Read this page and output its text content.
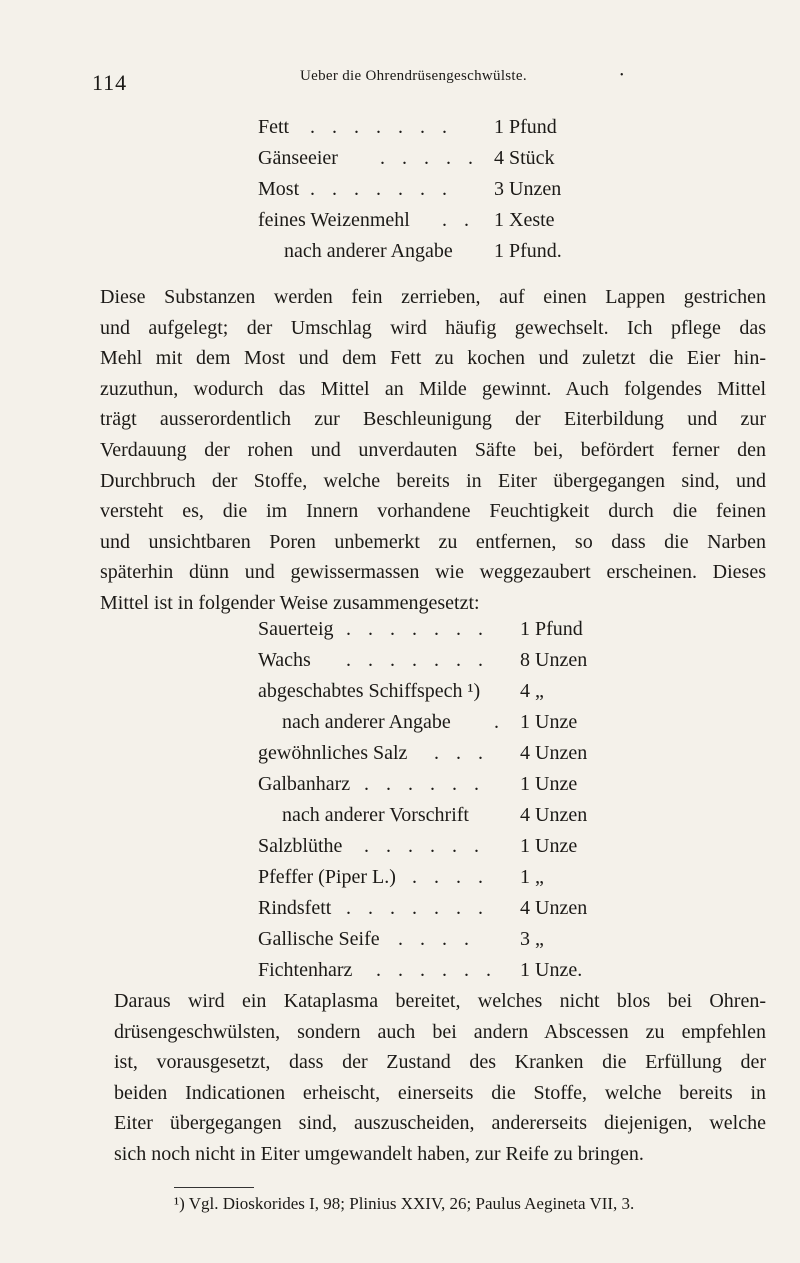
114	Ueber die Ohrendrüsengeschwülste.	•
Fett . . . . . . . 1 Pfund
Gänseeier . . . . . 4 Stück
Most . . . . . . . 3 Unzen
feines Weizenmehl . . 1 Xeste
nach anderer Angabe 1 Pfund.
Diese Substanzen werden fein zerrieben, auf einen Lappen gestrichen
und aufgelegt; der Umschlag wird häufig gewechselt. Ich pflege das
Mehl mit dem Most und dem Fett zu kochen und zuletzt die Eier hin-
zuzuthun, wodurch das Mittel an Milde gewinnt. Auch folgendes Mittel
trägt ausserordentlich zur Beschleunigung der Eiterbildung und zur
Verdauung der rohen und unverdauten Säfte bei, befördert ferner den
Durchbruch der Stoffe, welche bereits in Eiter übergegangen sind, und
versteht es, die im Innern vorhandene Feuchtigkeit durch die feinen
und unsichtbaren Poren unbemerkt zu entfernen, so dass die Narben
späterhin dünn und gewissermassen wie weggezaubert erscheinen. Dieses
Mittel ist in folgender Weise zusammengesetzt:
Sauerteig . . . . . . . 1 Pfund
Wachs . . . . . . . 8 Unzen
abgeschabtes Schiffspech ¹) 4 „
nach anderer Angabe . 1 Unze
gewöhnliches Salz . . . 4 Unzen
Galbanharz . . . . . . 1 Unze
nach anderer Vorschrift	4 Unzen
Salzblüthe . . . . . . 1 Unze
Pfeffer (Piper L.) . . . . 1 „
Rindsfett . . . . . . . 4 Unzen
Gallische Seife . . . . 3 „
Fichtenharz . . . . . . 1 Unze.
Daraus wird ein Kataplasma bereitet, welches nicht blos bei Ohren-
drüsengeschwülsten, sondern auch bei andern Abscessen zu empfehlen
ist, vorausgesetzt, dass der Zustand des Kranken die Erfüllung der
beiden Indicationen erheischt, einerseits die Stoffe, welche bereits in
Eiter übergegangen sind, auszuscheiden, andererseits diejenigen, welche
sich noch nicht in Eiter umgewandelt haben, zur Reife zu bringen.
¹) Vgl. Dioskorides I, 98; Plinius XXIV, 26; Paulus Aegineta VII, 3.
